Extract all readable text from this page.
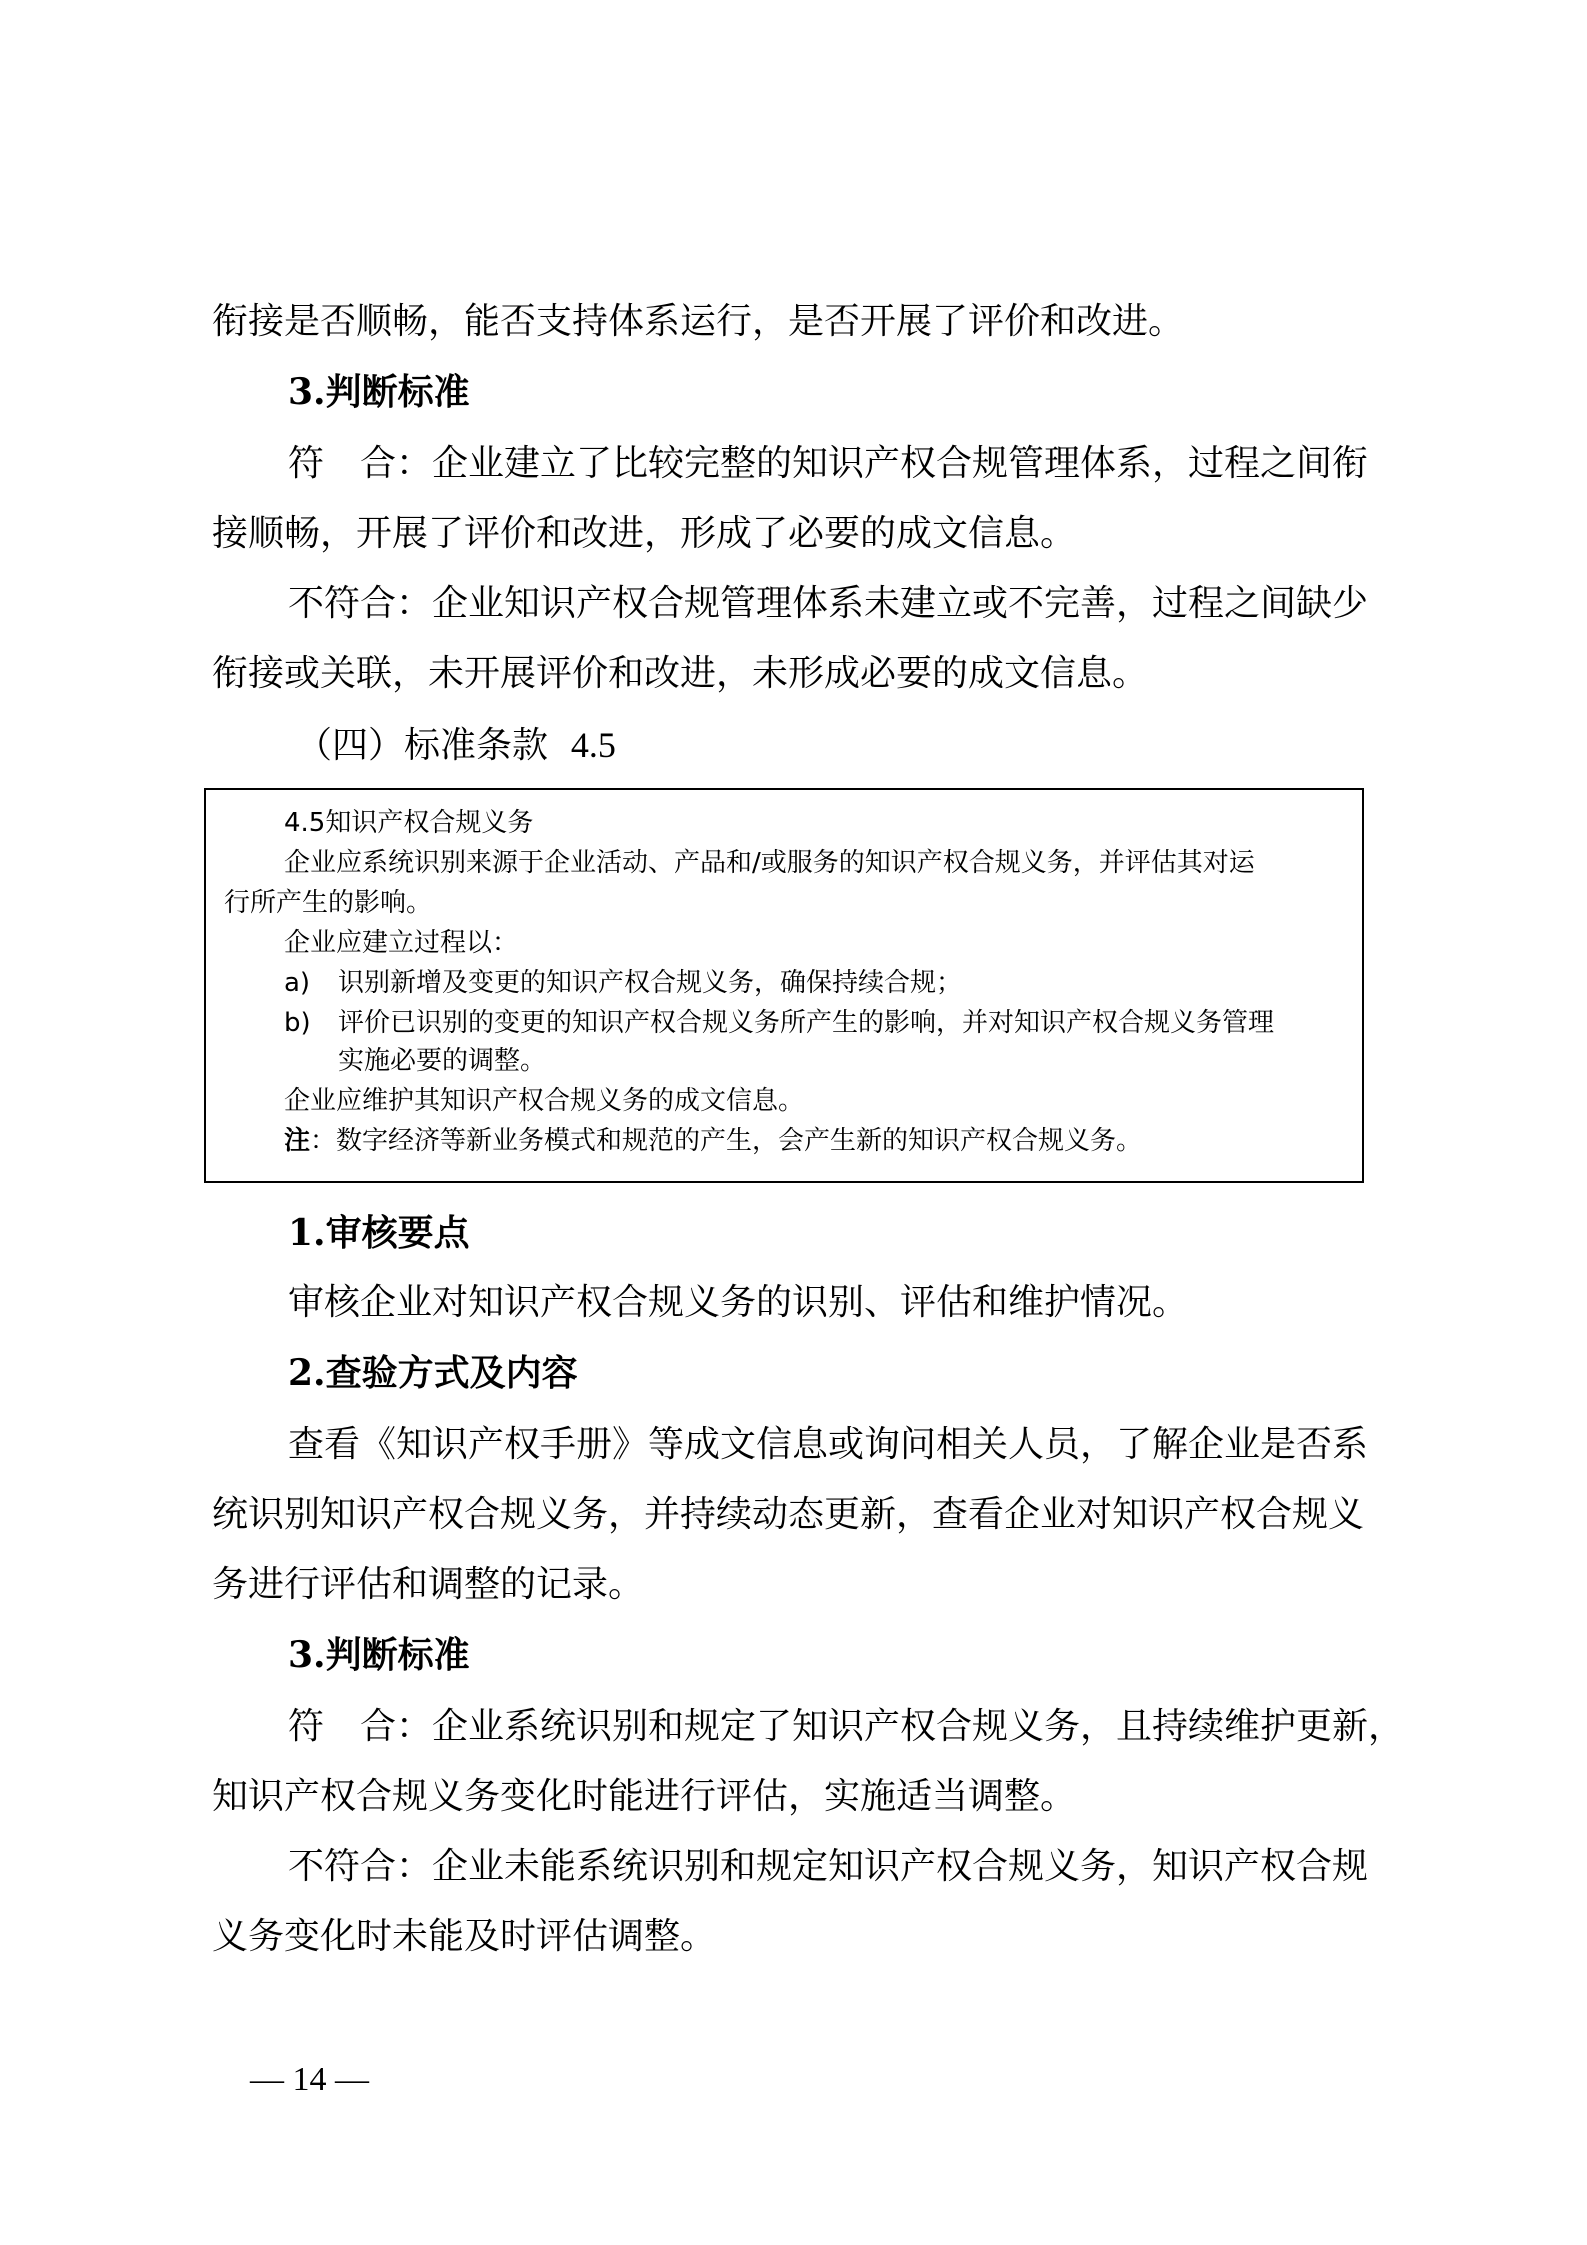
衔接是否顺畅，能否支持体系运行，是否开展了评价和改进。
3.判断标准
符　合：企业建立了比较完整的知识产权合规管理体系，过程之间衔
接顺畅，开展了评价和改进，形成了必要的成文信息。
不符合：企业知识产权合规管理体系未建立或不完善，过程之间缺少
衔接或关联，未开展评价和改进，未形成必要的成文信息。
（四）标准条款 4.5
4.5知识产权合规义务
企业应系统识别来源于企业活动、产品和/或服务的知识产权合规义务，并评估其对运
行所产生的影响。
企业应建立过程以：
a) 识别新增及变更的知识产权合规义务，确保持续合规；
b) 评价已识别的变更的知识产权合规义务所产生的影响，并对知识产权合规义务管理
实施必要的调整。
企业应维护其知识产权合规义务的成文信息。
注：数字经济等新业务模式和规范的产生，会产生新的知识产权合规义务。
1.审核要点
审核企业对知识产权合规义务的识别、评估和维护情况。
2.查验方式及内容
查看《知识产权手册》等成文信息或询问相关人员，了解企业是否系
统识别知识产权合规义务，并持续动态更新，查看企业对知识产权合规义
务进行评估和调整的记录。
3.判断标准
符　合：企业系统识别和规定了知识产权合规义务，且持续维护更新，
知识产权合规义务变化时能进行评估，实施适当调整。
不符合：企业未能系统识别和规定知识产权合规义务，知识产权合规
义务变化时未能及时评估调整。
— 14 —
